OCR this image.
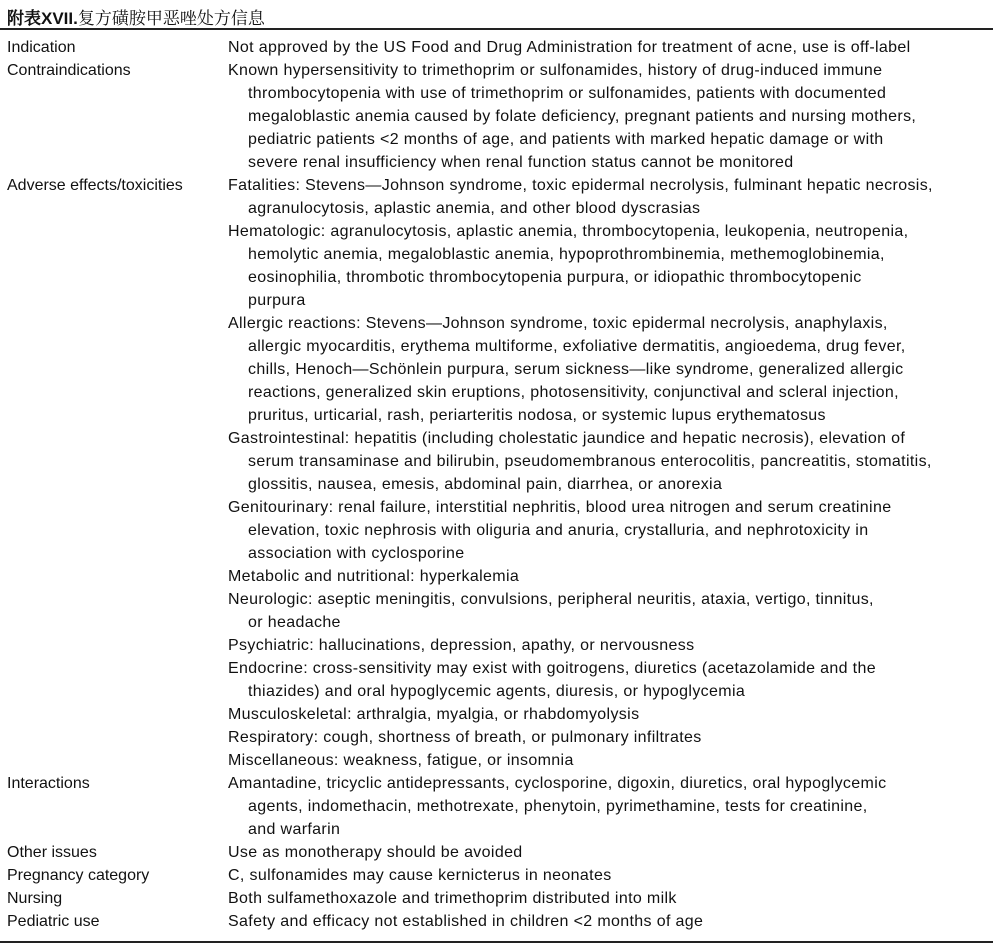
附表XVII.复方磺胺甲恶唑处方信息
Indication	Not approved by the US Food and Drug Administration for treatment of acne, use is off-label
Contraindications	Known hypersensitivity to trimethoprim or sulfonamides, history of drug-induced immune
thrombocytopenia with use of trimethoprim or sulfonamides, patients with documented
megaloblastic anemia caused by folate deficiency, pregnant patients and nursing mothers,
pediatric patients <2 months of age, and patients with marked hepatic damage or with
severe renal insufficiency when renal function status cannot be monitored
Adverse effects/toxicities	Fatalities: Stevens—Johnson syndrome, toxic epidermal necrolysis, fulminant hepatic necrosis,
agranulocytosis, aplastic anemia, and other blood dyscrasias
Hematologic: agranulocytosis, aplastic anemia, thrombocytopenia, leukopenia, neutropenia,
hemolytic anemia, megaloblastic anemia, hypoprothrombinemia, methemoglobinemia,
eosinophilia, thrombotic thrombocytopenia purpura, or idiopathic thrombocytopenic
purpura
Allergic reactions: Stevens—Johnson syndrome, toxic epidermal necrolysis, anaphylaxis,
allergic myocarditis, erythema multiforme, exfoliative dermatitis, angioedema, drug fever,
chills, Henoch—Schönlein purpura, serum sickness—like syndrome, generalized allergic
reactions, generalized skin eruptions, photosensitivity, conjunctival and scleral injection,
pruritus, urticarial, rash, periarteritis nodosa, or systemic lupus erythematosus
Gastrointestinal: hepatitis (including cholestatic jaundice and hepatic necrosis), elevation of
serum transaminase and bilirubin, pseudomembranous enterocolitis, pancreatitis, stomatitis,
glossitis, nausea, emesis, abdominal pain, diarrhea, or anorexia
Genitourinary: renal failure, interstitial nephritis, blood urea nitrogen and serum creatinine
elevation, toxic nephrosis with oliguria and anuria, crystalluria, and nephrotoxicity in
association with cyclosporine
Metabolic and nutritional: hyperkalemia
Neurologic: aseptic meningitis, convulsions, peripheral neuritis, ataxia, vertigo, tinnitus,
or headache
Psychiatric: hallucinations, depression, apathy, or nervousness
Endocrine: cross-sensitivity may exist with goitrogens, diuretics (acetazolamide and the
thiazides) and oral hypoglycemic agents, diuresis, or hypoglycemia
Musculoskeletal: arthralgia, myalgia, or rhabdomyolysis
Respiratory: cough, shortness of breath, or pulmonary infiltrates
Miscellaneous: weakness, fatigue, or insomnia
Interactions	Amantadine, tricyclic antidepressants, cyclosporine, digoxin, diuretics, oral hypoglycemic
agents, indomethacin, methotrexate, phenytoin, pyrimethamine, tests for creatinine,
and warfarin
Other issues	Use as monotherapy should be avoided
Pregnancy category	C, sulfonamides may cause kernicterus in neonates
Nursing	Both sulfamethoxazole and trimethoprim distributed into milk
Pediatric use	Safety and efficacy not established in children <2 months of age
